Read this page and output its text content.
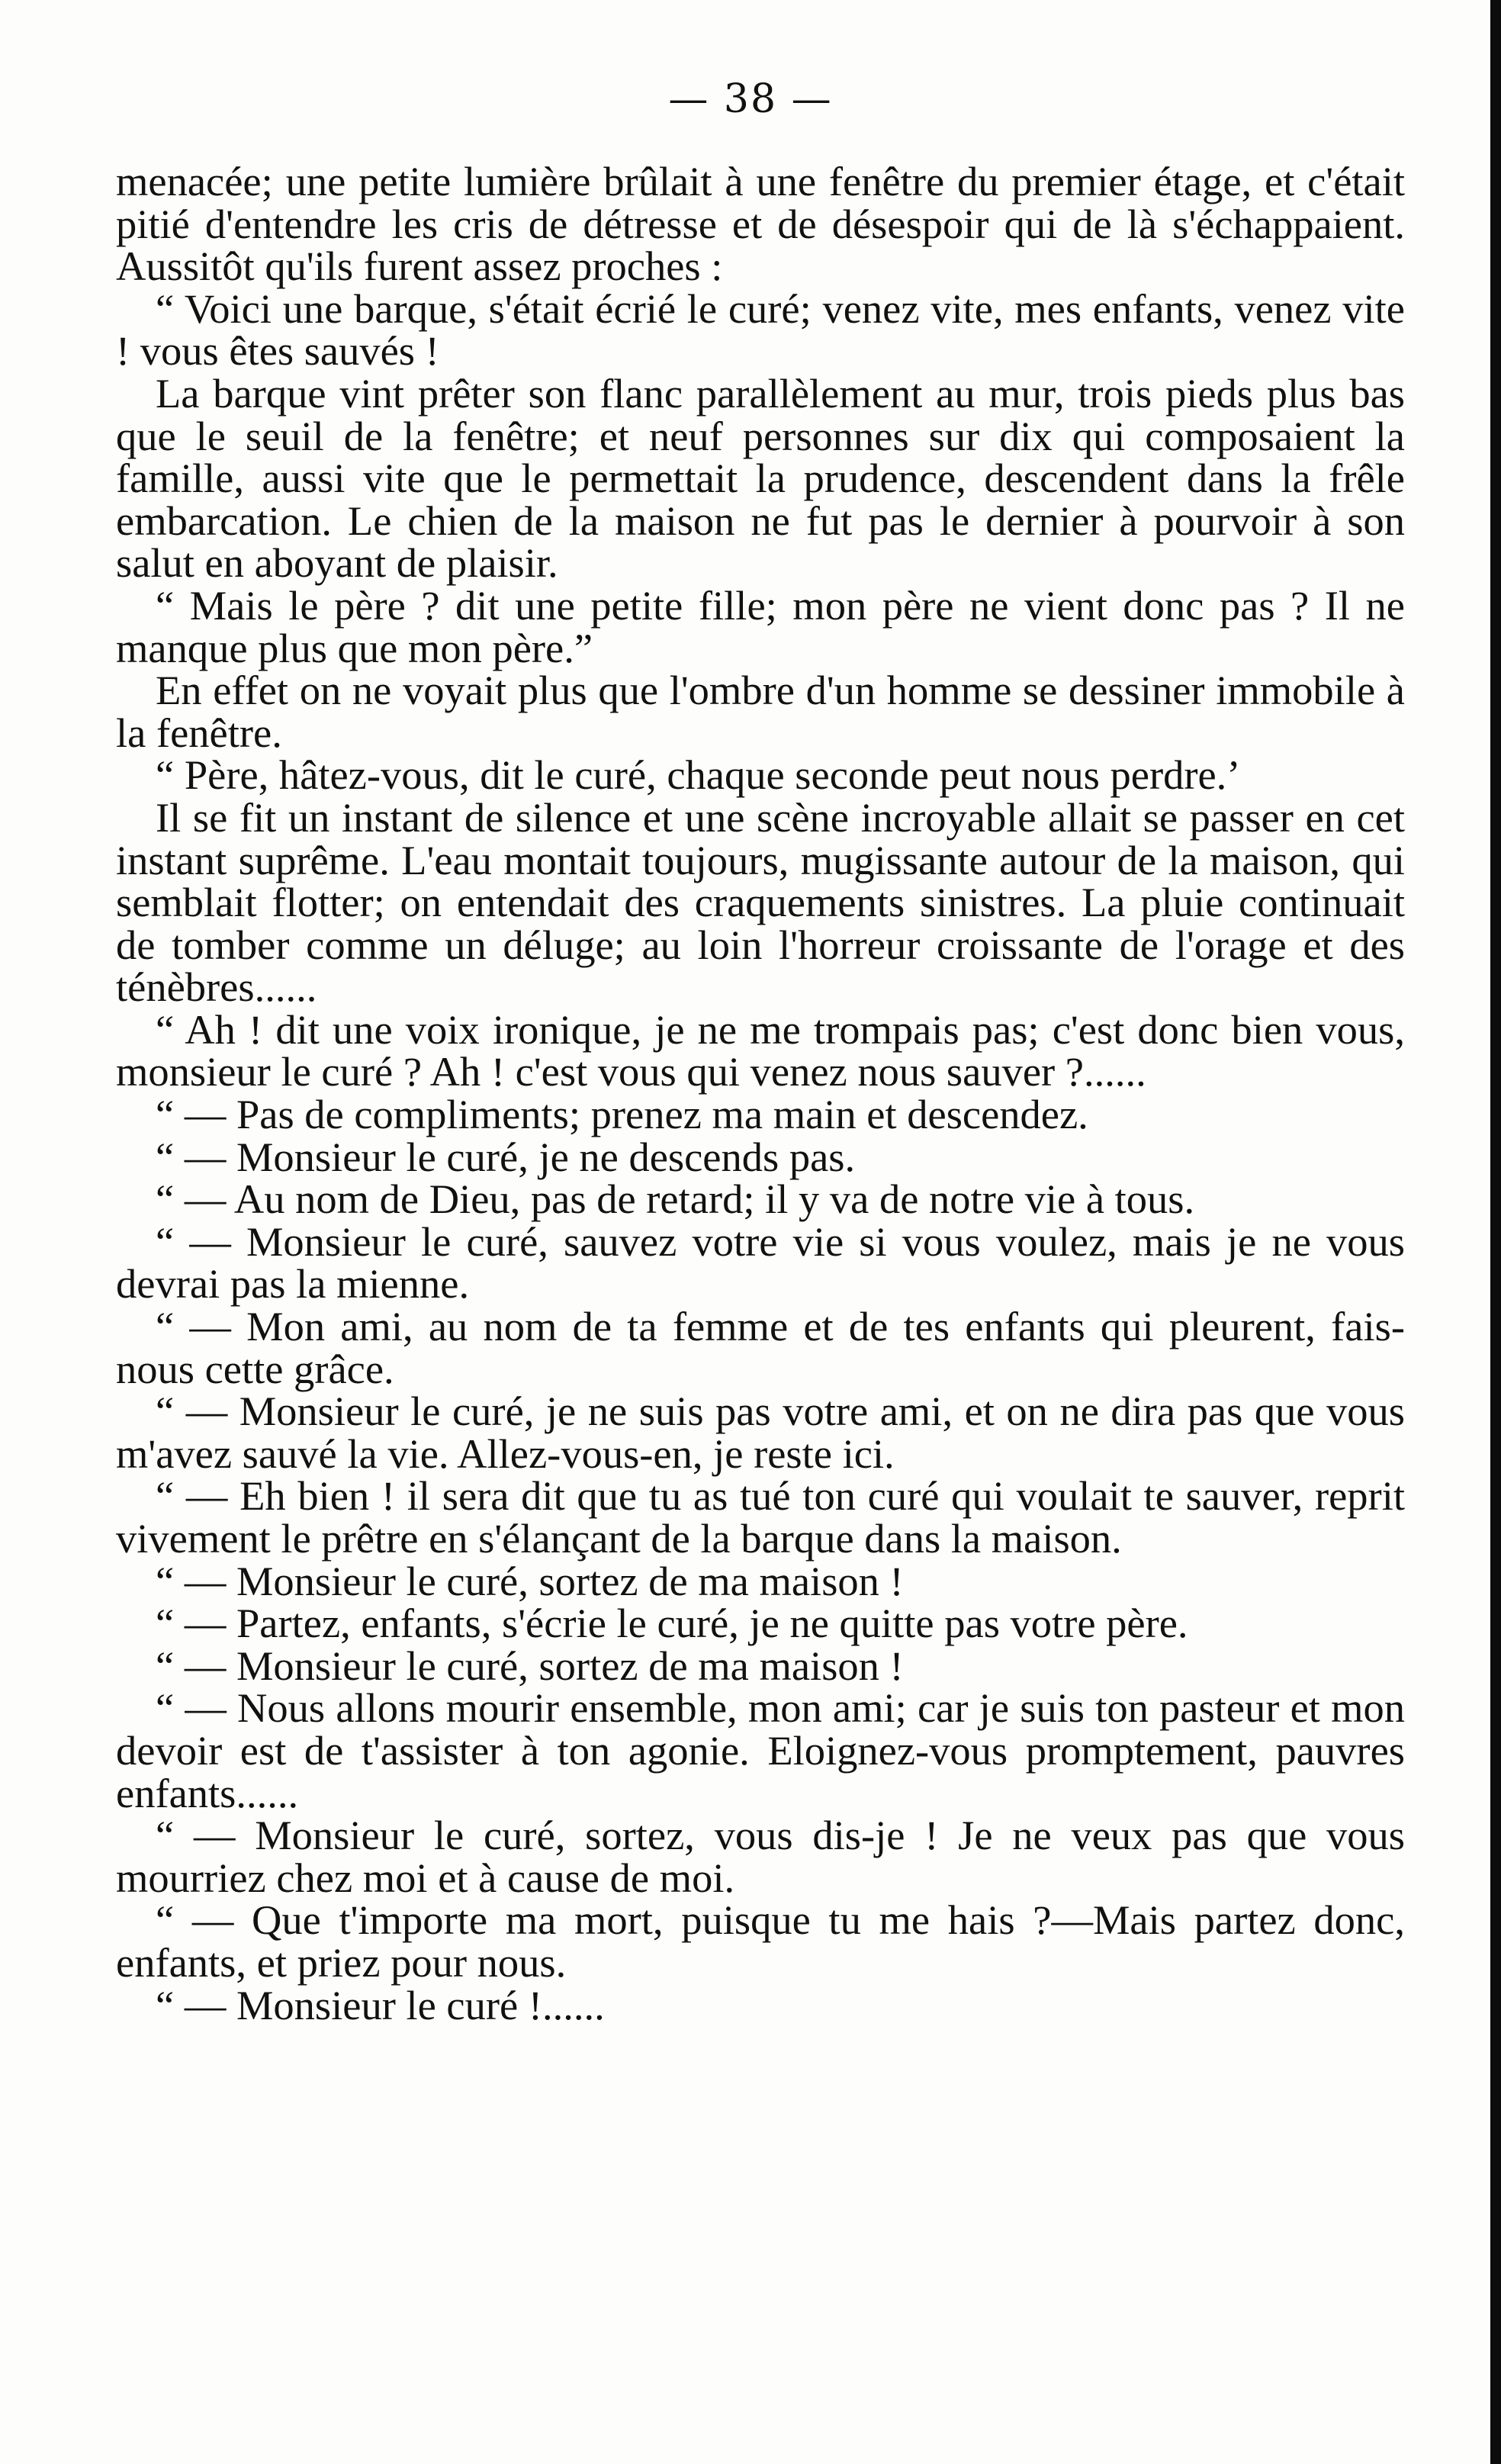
— 38 —

menacée; une petite lumière brûlait à une fenêtre du premier étage, et c'était pitié d'entendre les cris de détresse et de désespoir qui de là s'échappaient. Aussitôt qu'ils furent assez proches :

“ Voici une barque, s'était écrié le curé; venez vite, mes enfants, venez vite ! vous êtes sauvés !

La barque vint prêter son flanc parallèlement au mur, trois pieds plus bas que le seuil de la fenêtre; et neuf personnes sur dix qui composaient la famille, aussi vite que le permettait la prudence, descendent dans la frêle embarcation. Le chien de la maison ne fut pas le dernier à pourvoir à son salut en aboyant de plaisir.

“ Mais le père ? dit une petite fille; mon père ne vient donc pas ? Il ne manque plus que mon père.”

En effet on ne voyait plus que l'ombre d'un homme se dessiner immobile à la fenêtre.

“ Père, hâtez-vous, dit le curé, chaque seconde peut nous perdre.’

Il se fit un instant de silence et une scène incroyable allait se passer en cet instant suprême. L'eau montait toujours, mugissante autour de la maison, qui semblait flotter; on entendait des craquements sinistres. La pluie continuait de tomber comme un déluge; au loin l'horreur croissante de l'orage et des ténèbres......

“ Ah ! dit une voix ironique, je ne me trompais pas; c'est donc bien vous, monsieur le curé ? Ah ! c'est vous qui venez nous sauver ?......

“ — Pas de compliments; prenez ma main et descendez.

“ — Monsieur le curé, je ne descends pas.

“ — Au nom de Dieu, pas de retard; il y va de notre vie à tous.

“ — Monsieur le curé, sauvez votre vie si vous voulez, mais je ne vous devrai pas la mienne.

“ — Mon ami, au nom de ta femme et de tes enfants qui pleurent, fais-nous cette grâce.

“ — Monsieur le curé, je ne suis pas votre ami, et on ne dira pas que vous m'avez sauvé la vie. Allez-vous-en, je reste ici.

“ — Eh bien ! il sera dit que tu as tué ton curé qui voulait te sauver, reprit vivement le prêtre en s'élançant de la barque dans la maison.

“ — Monsieur le curé, sortez de ma maison !

“ — Partez, enfants, s'écrie le curé, je ne quitte pas votre père.

“ — Monsieur le curé, sortez de ma maison !

“ — Nous allons mourir ensemble, mon ami; car je suis ton pasteur et mon devoir est de t'assister à ton agonie. Eloignez-vous promptement, pauvres enfants......

“ — Monsieur le curé, sortez, vous dis-je ! Je ne veux pas que vous mourriez chez moi et à cause de moi.

“ — Que t'importe ma mort, puisque tu me hais ?—Mais partez donc, enfants, et priez pour nous.

“ — Monsieur le curé !......
